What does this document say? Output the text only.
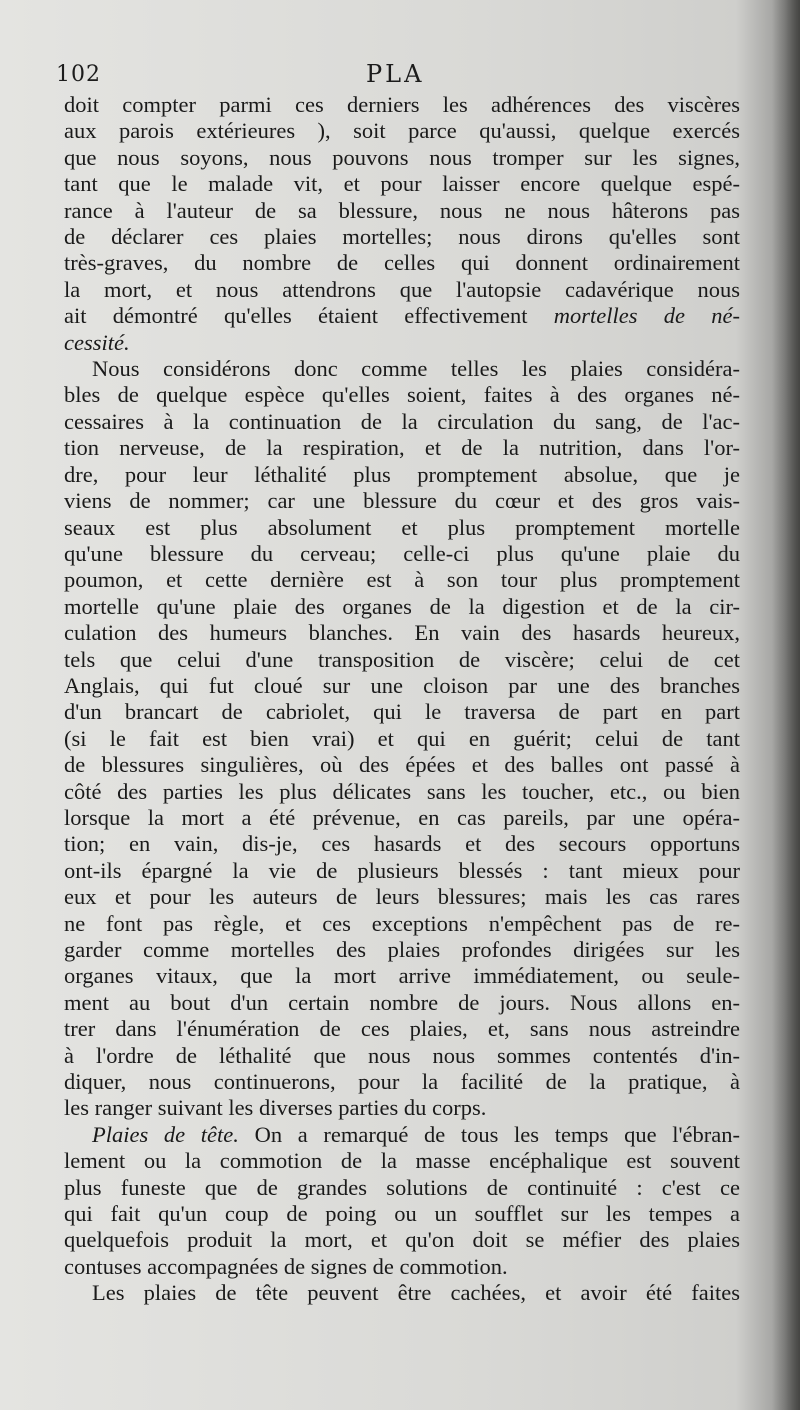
102	PLA
doit compter parmi ces derniers les adhérences des viscères
aux parois extérieures ), soit parce qu'aussi, quelque exercés
que nous soyons, nous pouvons nous tromper sur les signes,
tant que le malade vit, et pour laisser encore quelque espé-
rance à l'auteur de sa blessure, nous ne nous hâterons pas
de déclarer ces plaies mortelles; nous dirons qu'elles sont
très-graves, du nombre de celles qui donnent ordinairement
la mort, et nous attendrons que l'autopsie cadavérique nous
ait démontré qu'elles étaient effectivement mortelles de né-
cessité.
Nous considérons donc comme telles les plaies considéra-
bles de quelque espèce qu'elles soient, faites à des organes né-
cessaires à la continuation de la circulation du sang, de l'ac-
tion nerveuse, de la respiration, et de la nutrition, dans l'or-
dre, pour leur léthalité plus promptement absolue, que je
viens de nommer; car une blessure du cœur et des gros vais-
seaux est plus absolument et plus promptement mortelle
qu'une blessure du cerveau; celle-ci plus qu'une plaie du
poumon, et cette dernière est à son tour plus promptement
mortelle qu'une plaie des organes de la digestion et de la cir-
culation des humeurs blanches. En vain des hasards heureux,
tels que celui d'une transposition de viscère; celui de cet
Anglais, qui fut cloué sur une cloison par une des branches
d'un brancart de cabriolet, qui le traversa de part en part
(si le fait est bien vrai) et qui en guérit; celui de tant
de blessures singulières, où des épées et des balles ont passé à
côté des parties les plus délicates sans les toucher, etc., ou bien
lorsque la mort a été prévenue, en cas pareils, par une opéra-
tion; en vain, dis-je, ces hasards et des secours opportuns
ont-ils épargné la vie de plusieurs blessés : tant mieux pour
eux et pour les auteurs de leurs blessures; mais les cas rares
ne font pas règle, et ces exceptions n'empêchent pas de re-
garder comme mortelles des plaies profondes dirigées sur les
organes vitaux, que la mort arrive immédiatement, ou seule-
ment au bout d'un certain nombre de jours. Nous allons en-
trer dans l'énumération de ces plaies, et, sans nous astreindre
à l'ordre de léthalité que nous nous sommes contentés d'in-
diquer, nous continuerons, pour la facilité de la pratique, à
les ranger suivant les diverses parties du corps.
Plaies de tête. On a remarqué de tous les temps que l'ébran-
lement ou la commotion de la masse encéphalique est souvent
plus funeste que de grandes solutions de continuité : c'est ce
qui fait qu'un coup de poing ou un soufflet sur les tempes a
quelquefois produit la mort, et qu'on doit se méfier des plaies
contuses accompagnées de signes de commotion.
Les plaies de tête peuvent être cachées, et avoir été faites
